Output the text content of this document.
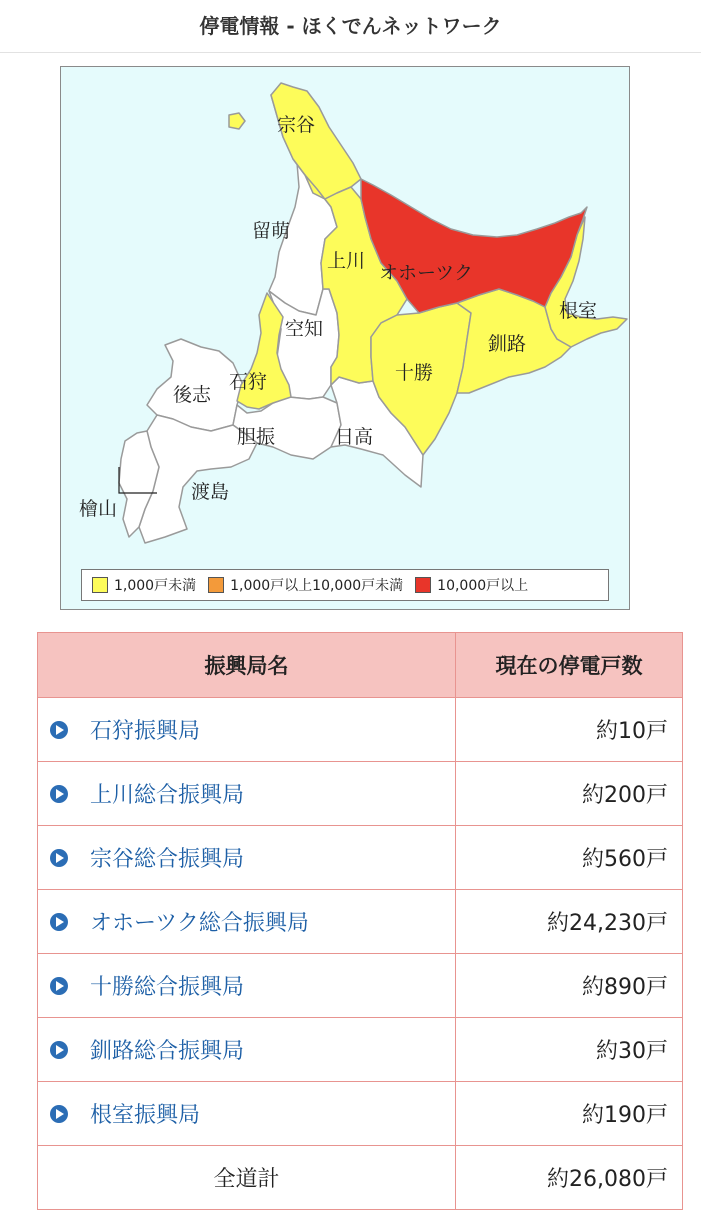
停電情報 - ほくでんネットワーク
宗谷
留萌
上川
オホーツク
根室
空知
釧路
石狩	十勝
後志
胆振	日高
渡島
檜山
1,000戸未満 1,000戸以上10,000戸未満 10,000戸以上
振興局名	現在の停電戸数

石狩振興局	約10戸

上川総合振興局	約200戸

宗谷総合振興局	約560戸

オホーツク総合振興局	約24,230戸

十勝総合振興局	約890戸

釧路総合振興局	約30戸

根室振興局	約190戸
全道計	約26,080戸
